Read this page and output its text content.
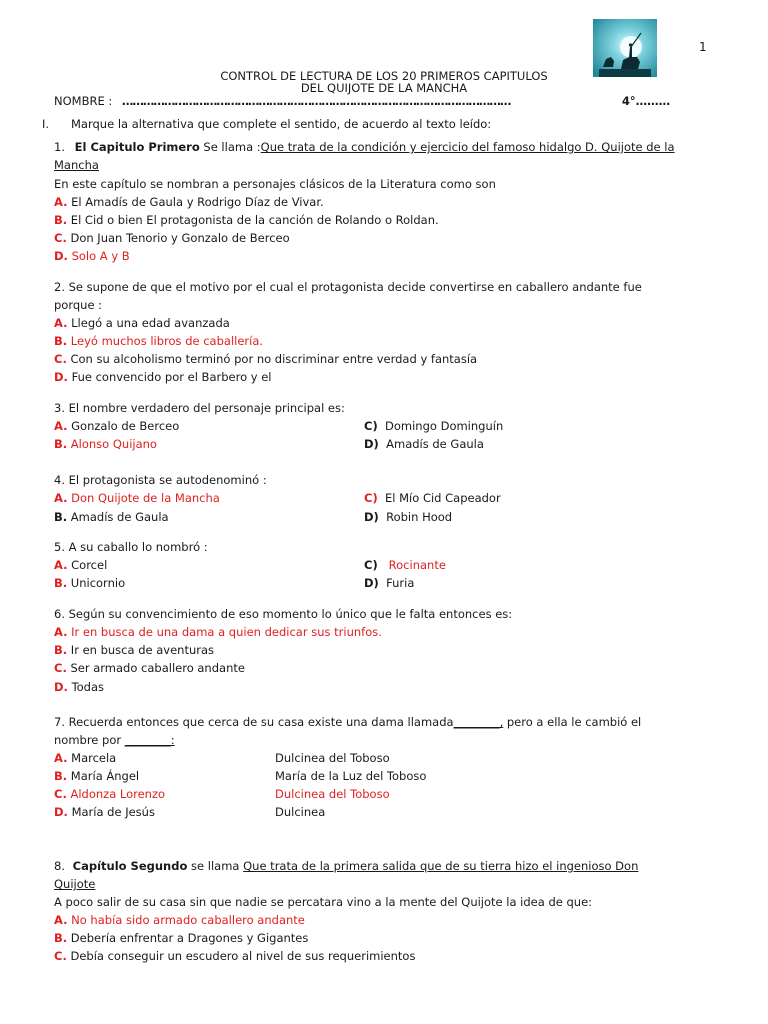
1
CONTROL DE LECTURA DE LOS 20 PRIMEROS CAPITULOS
DEL QUIJOTE DE LA MANCHA
NOMBRE : …………………………………………………………………………………………………	4°………
I. Marque la alternativa que complete el sentido, de acuerdo al texto leído:
1. El Capitulo Primero Se llama :Que trata de la condición y ejercicio del famoso hidalgo D. Quijote de la
Mancha
En este capítulo se nombran a personajes clásicos de la Literatura como son
A. El Amadís de Gaula y Rodrigo Díaz de Vivar.
B. El Cid o bien El protagonista de la canción de Rolando o Roldan.
C. Don Juan Tenorio y Gonzalo de Berceo
D. Solo A y B
2. Se supone de que el motivo por el cual el protagonista decide convertirse en caballero andante fue
porque :
A. Llegó a una edad avanzada
B. Leyó muchos libros de caballería.
C. Con su alcoholismo terminó por no discriminar entre verdad y fantasía
D. Fue convencido por el Barbero y el
3. El nombre verdadero del personaje principal es:
A. Gonzalo de Berceo
B. Alonso Quijano
C) Domingo Dominguín
D) Amadís de Gaula
4. El protagonista se autodenominó :
A. Don Quijote de la Mancha
B. Amadís de Gaula
C) El Mío Cid Capeador
D) Robin Hood
5. A su caballo lo nombró :
A. Corcel
B. Unicornio
C) Rocinante
D) Furia
6. Según su convencimiento de eso momento lo único que le falta entonces es:
A. Ir en busca de una dama a quien dedicar sus triunfos.
B. Ir en busca de aventuras
C. Ser armado caballero andante
D. Todas
7. Recuerda entonces que cerca de su casa existe una dama llamada________, pero a ella le cambió el
nombre por ________:
A. Marcela
B. María Ángel
C. Aldonza Lorenzo
D. María de Jesús
Dulcinea del Toboso
María de la Luz del Toboso
Dulcinea del Toboso
Dulcinea
8. Capítulo Segundo se llama Que trata de la primera salida que de su tierra hizo el ingenioso Don
Quijote
A poco salir de su casa sin que nadie se percatara vino a la mente del Quijote la idea de que:
A. No había sido armado caballero andante
B. Debería enfrentar a Dragones y Gigantes
C. Debía conseguir un escudero al nivel de sus requerimientos
